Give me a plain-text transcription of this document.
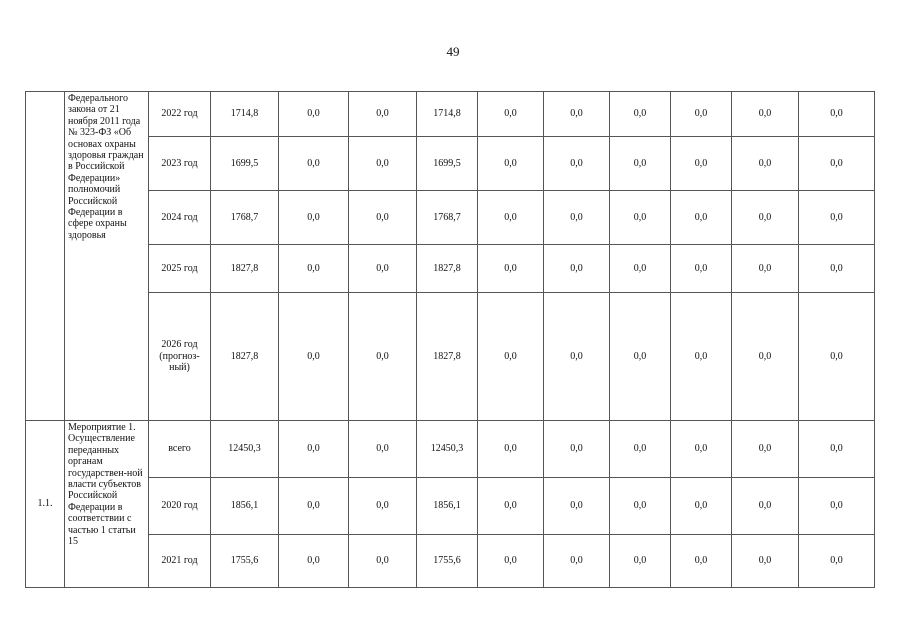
49
	Федерального закона от 21 ноября 2011 года № 323-ФЗ «Об основах охраны здоровья граждан в Российской Федерации» полномочий Российской Федерации в сфере охраны здоровья	2022 год	1714,8	0,0	0,0	1714,8	0,0	0,0	0,0	0,0	0,0	0,0
		2023 год	1699,5	0,0	0,0	1699,5	0,0	0,0	0,0	0,0	0,0	0,0
		2024 год	1768,7	0,0	0,0	1768,7	0,0	0,0	0,0	0,0	0,0	0,0
		2025 год	1827,8	0,0	0,0	1827,8	0,0	0,0	0,0	0,0	0,0	0,0
		2026 год (прогноз-ный)	1827,8	0,0	0,0	1827,8	0,0	0,0	0,0	0,0	0,0	0,0
1.1.	Мероприятие 1. Осуществление переданных органам государствен-ной власти субъектов Российской Федерации в соответствии с частью 1 статьи 15	всего	12450,3	0,0	0,0	12450,3	0,0	0,0	0,0	0,0	0,0	0,0
		2020 год	1856,1	0,0	0,0	1856,1	0,0	0,0	0,0	0,0	0,0	0,0
		2021 год	1755,6	0,0	0,0	1755,6	0,0	0,0	0,0	0,0	0,0	0,0
